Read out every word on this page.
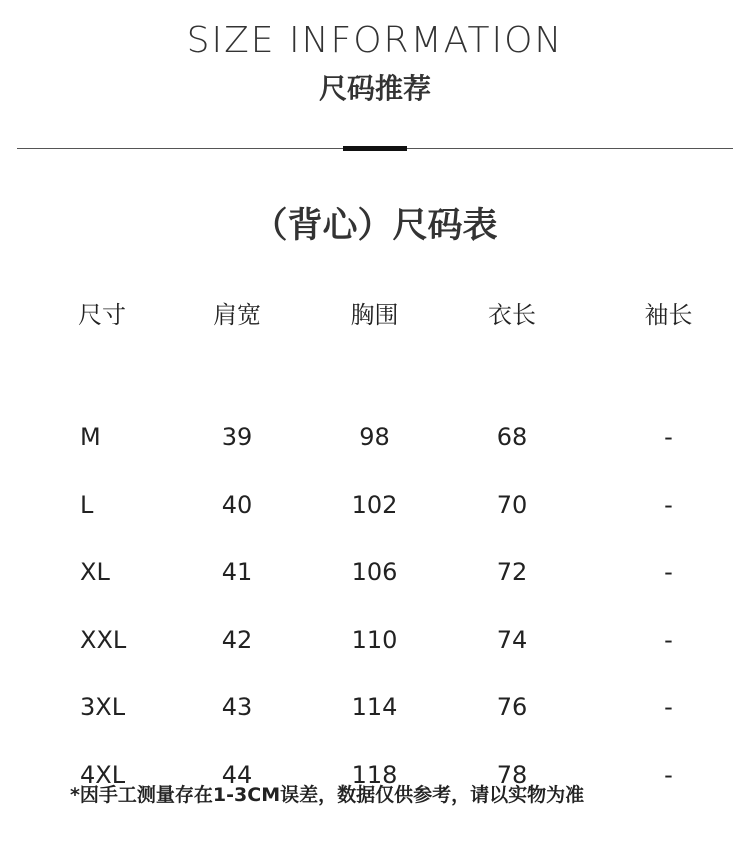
SIZE INFORMATION
尺码推荐
（背心）尺码表
尺寸	肩宽	胸围	衣长	袖长

M	39	98	68	-
L	40	102	70	-
XL	41	106	72	-
XXL	42	110	74	-
3XL	43	114	76	-
4XL	44	118	78	-
*因手工测量存在1-3CM误差，数据仅供参考，请以实物为准
